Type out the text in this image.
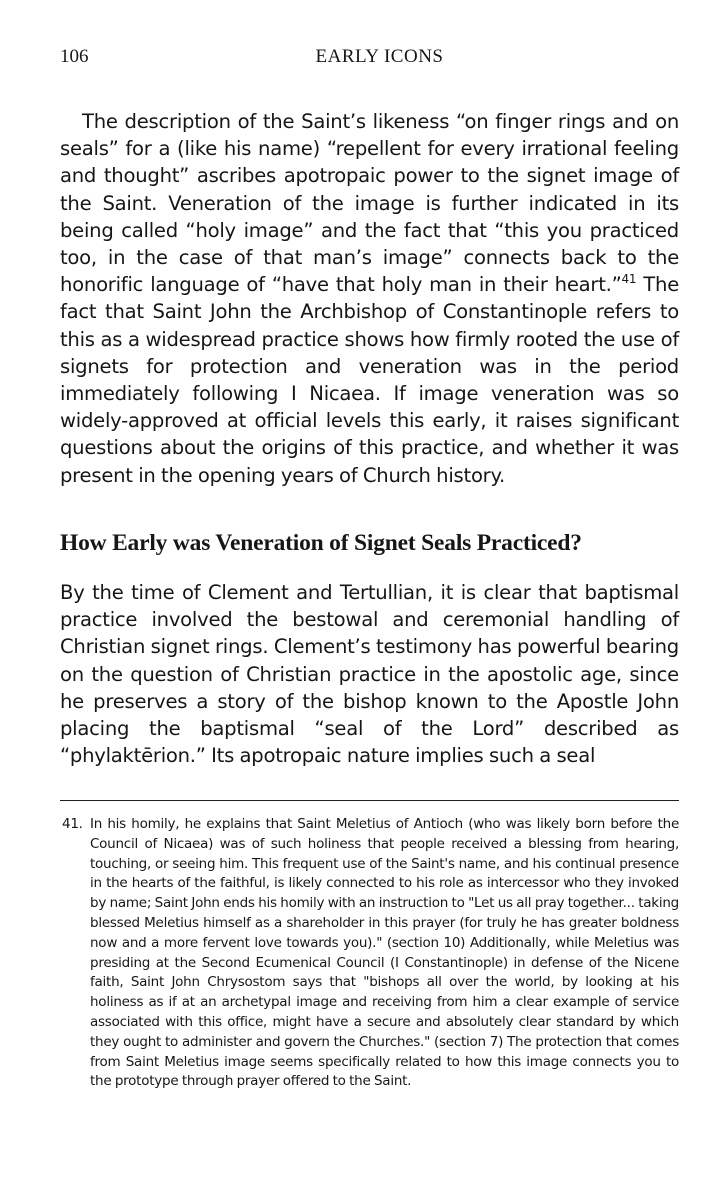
106	EARLY ICONS

The description of the Saint’s likeness “on finger rings and on seals” for a (like his name) “repellent for every irrational feeling and thought” ascribes apotropaic power to the signet image of the Saint. Veneration of the image is further indicated in its being called “holy image” and the fact that “this you practiced too, in the case of that man’s image” connects back to the honorific language of “have that holy man in their heart.”$^{41}$ The fact that Saint John the Archbishop of Constantinople refers to this as a widespread practice shows how firmly rooted the use of signets for protection and veneration was in the period immediately following I Nicaea. If image veneration was so widely-approved at official levels this early, it raises significant questions about the origins of this practice, and whether it was present in the opening years of Church history.

How Early was Veneration of Signet Seals Practiced?

By the time of Clement and Tertullian, it is clear that baptismal practice involved the bestowal and ceremonial handling of Christian signet rings. Clement’s testimony has powerful bearing on the question of Christian practice in the apostolic age, since he preserves a story of the bishop known to the Apostle John placing the baptismal “seal of the Lord” described as “phylaktērion.” Its apotropaic nature implies such a seal

41. In his homily, he explains that Saint Meletius of Antioch (who was likely born before the Council of Nicaea) was of such holiness that people received a blessing from hearing, touching, or seeing him. This frequent use of the Saint's name, and his continual presence in the hearts of the faithful, is likely connected to his role as intercessor who they invoked by name; Saint John ends his homily with an instruction to "Let us all pray together... taking blessed Meletius himself as a shareholder in this prayer (for truly he has greater boldness now and a more fervent love towards you)." (section 10) Additionally, while Meletius was presiding at the Second Ecumenical Council (I Constantinople) in defense of the Nicene faith, Saint John Chrysostom says that "bishops all over the world, by looking at his holiness as if at an archetypal image and receiving from him a clear example of service associated with this office, might have a secure and absolutely clear standard by which they ought to administer and govern the Churches." (section 7) The protection that comes from Saint Meletius image seems specifically related to how this image connects you to the prototype through prayer offered to the Saint.
